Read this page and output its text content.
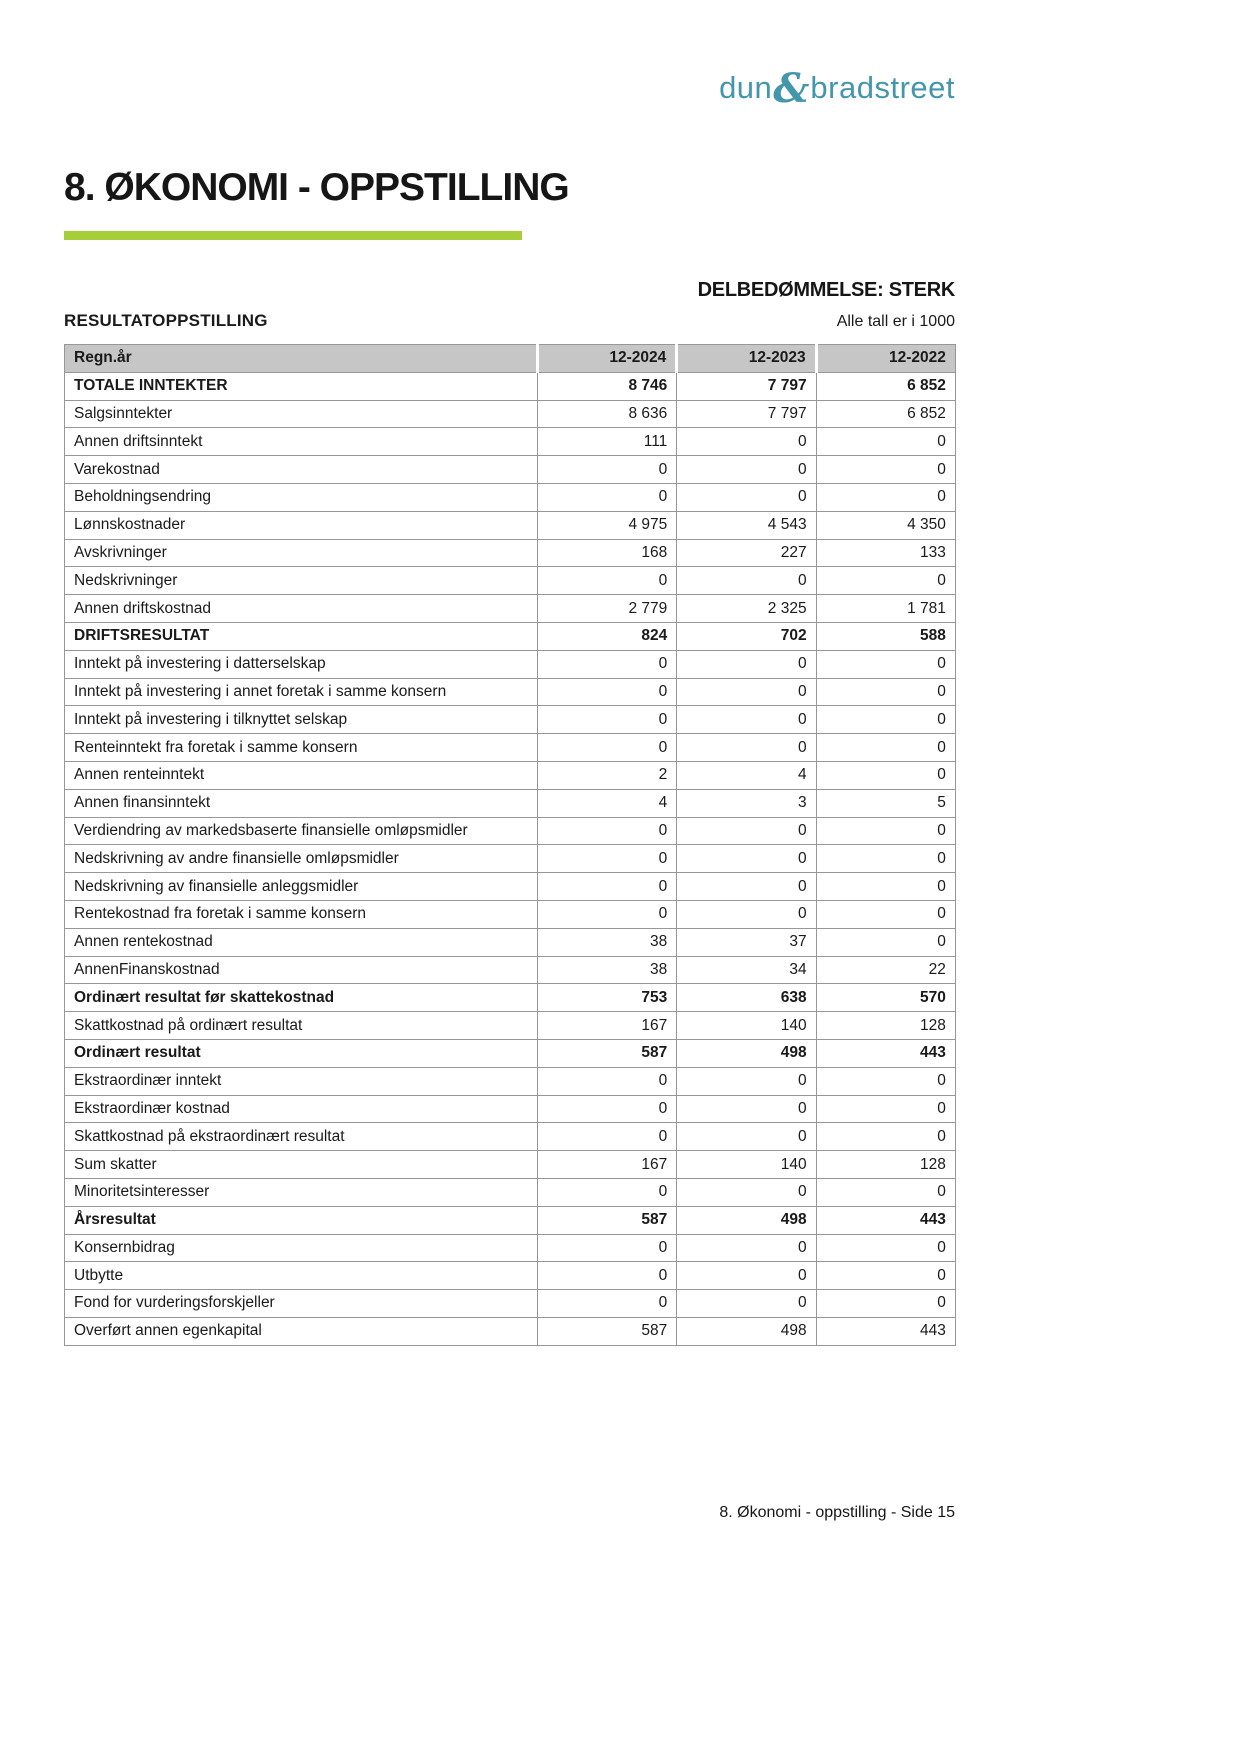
dun&bradstreet
8. ØKONOMI - OPPSTILLING
DELBEDØMMELSE: STERK
RESULTATOPPSTILLING	Alle tall er i 1000
Regn.år	12-2024	12-2023	12-2022
TOTALE INNTEKTER	8 746	7 797	6 852
Salgsinntekter	8 636	7 797	6 852
Annen driftsinntekt	111	0	0
Varekostnad	0	0	0
Beholdningsendring	0	0	0
Lønnskostnader	4 975	4 543	4 350
Avskrivninger	168	227	133
Nedskrivninger	0	0	0
Annen driftskostnad	2 779	2 325	1 781
DRIFTSRESULTAT	824	702	588
Inntekt på investering i datterselskap	0	0	0
Inntekt på investering i annet foretak i samme konsern	0	0	0
Inntekt på investering i tilknyttet selskap	0	0	0
Renteinntekt fra foretak i samme konsern	0	0	0
Annen renteinntekt	2	4	0
Annen finansinntekt	4	3	5
Verdiendring av markedsbaserte finansielle omløpsmidler	0	0	0
Nedskrivning av andre finansielle omløpsmidler	0	0	0
Nedskrivning av finansielle anleggsmidler	0	0	0
Rentekostnad fra foretak i samme konsern	0	0	0
Annen rentekostnad	38	37	0
AnnenFinanskostnad	38	34	22
Ordinært resultat før skattekostnad	753	638	570
Skattkostnad på ordinært resultat	167	140	128
Ordinært resultat	587	498	443
Ekstraordinær inntekt	0	0	0
Ekstraordinær kostnad	0	0	0
Skattkostnad på ekstraordinært resultat	0	0	0
Sum skatter	167	140	128
Minoritetsinteresser	0	0	0
Årsresultat	587	498	443
Konsernbidrag	0	0	0
Utbytte	0	0	0
Fond for vurderingsforskjeller	0	0	0
Overført annen egenkapital	587	498	443
8. Økonomi - oppstilling - Side 15
